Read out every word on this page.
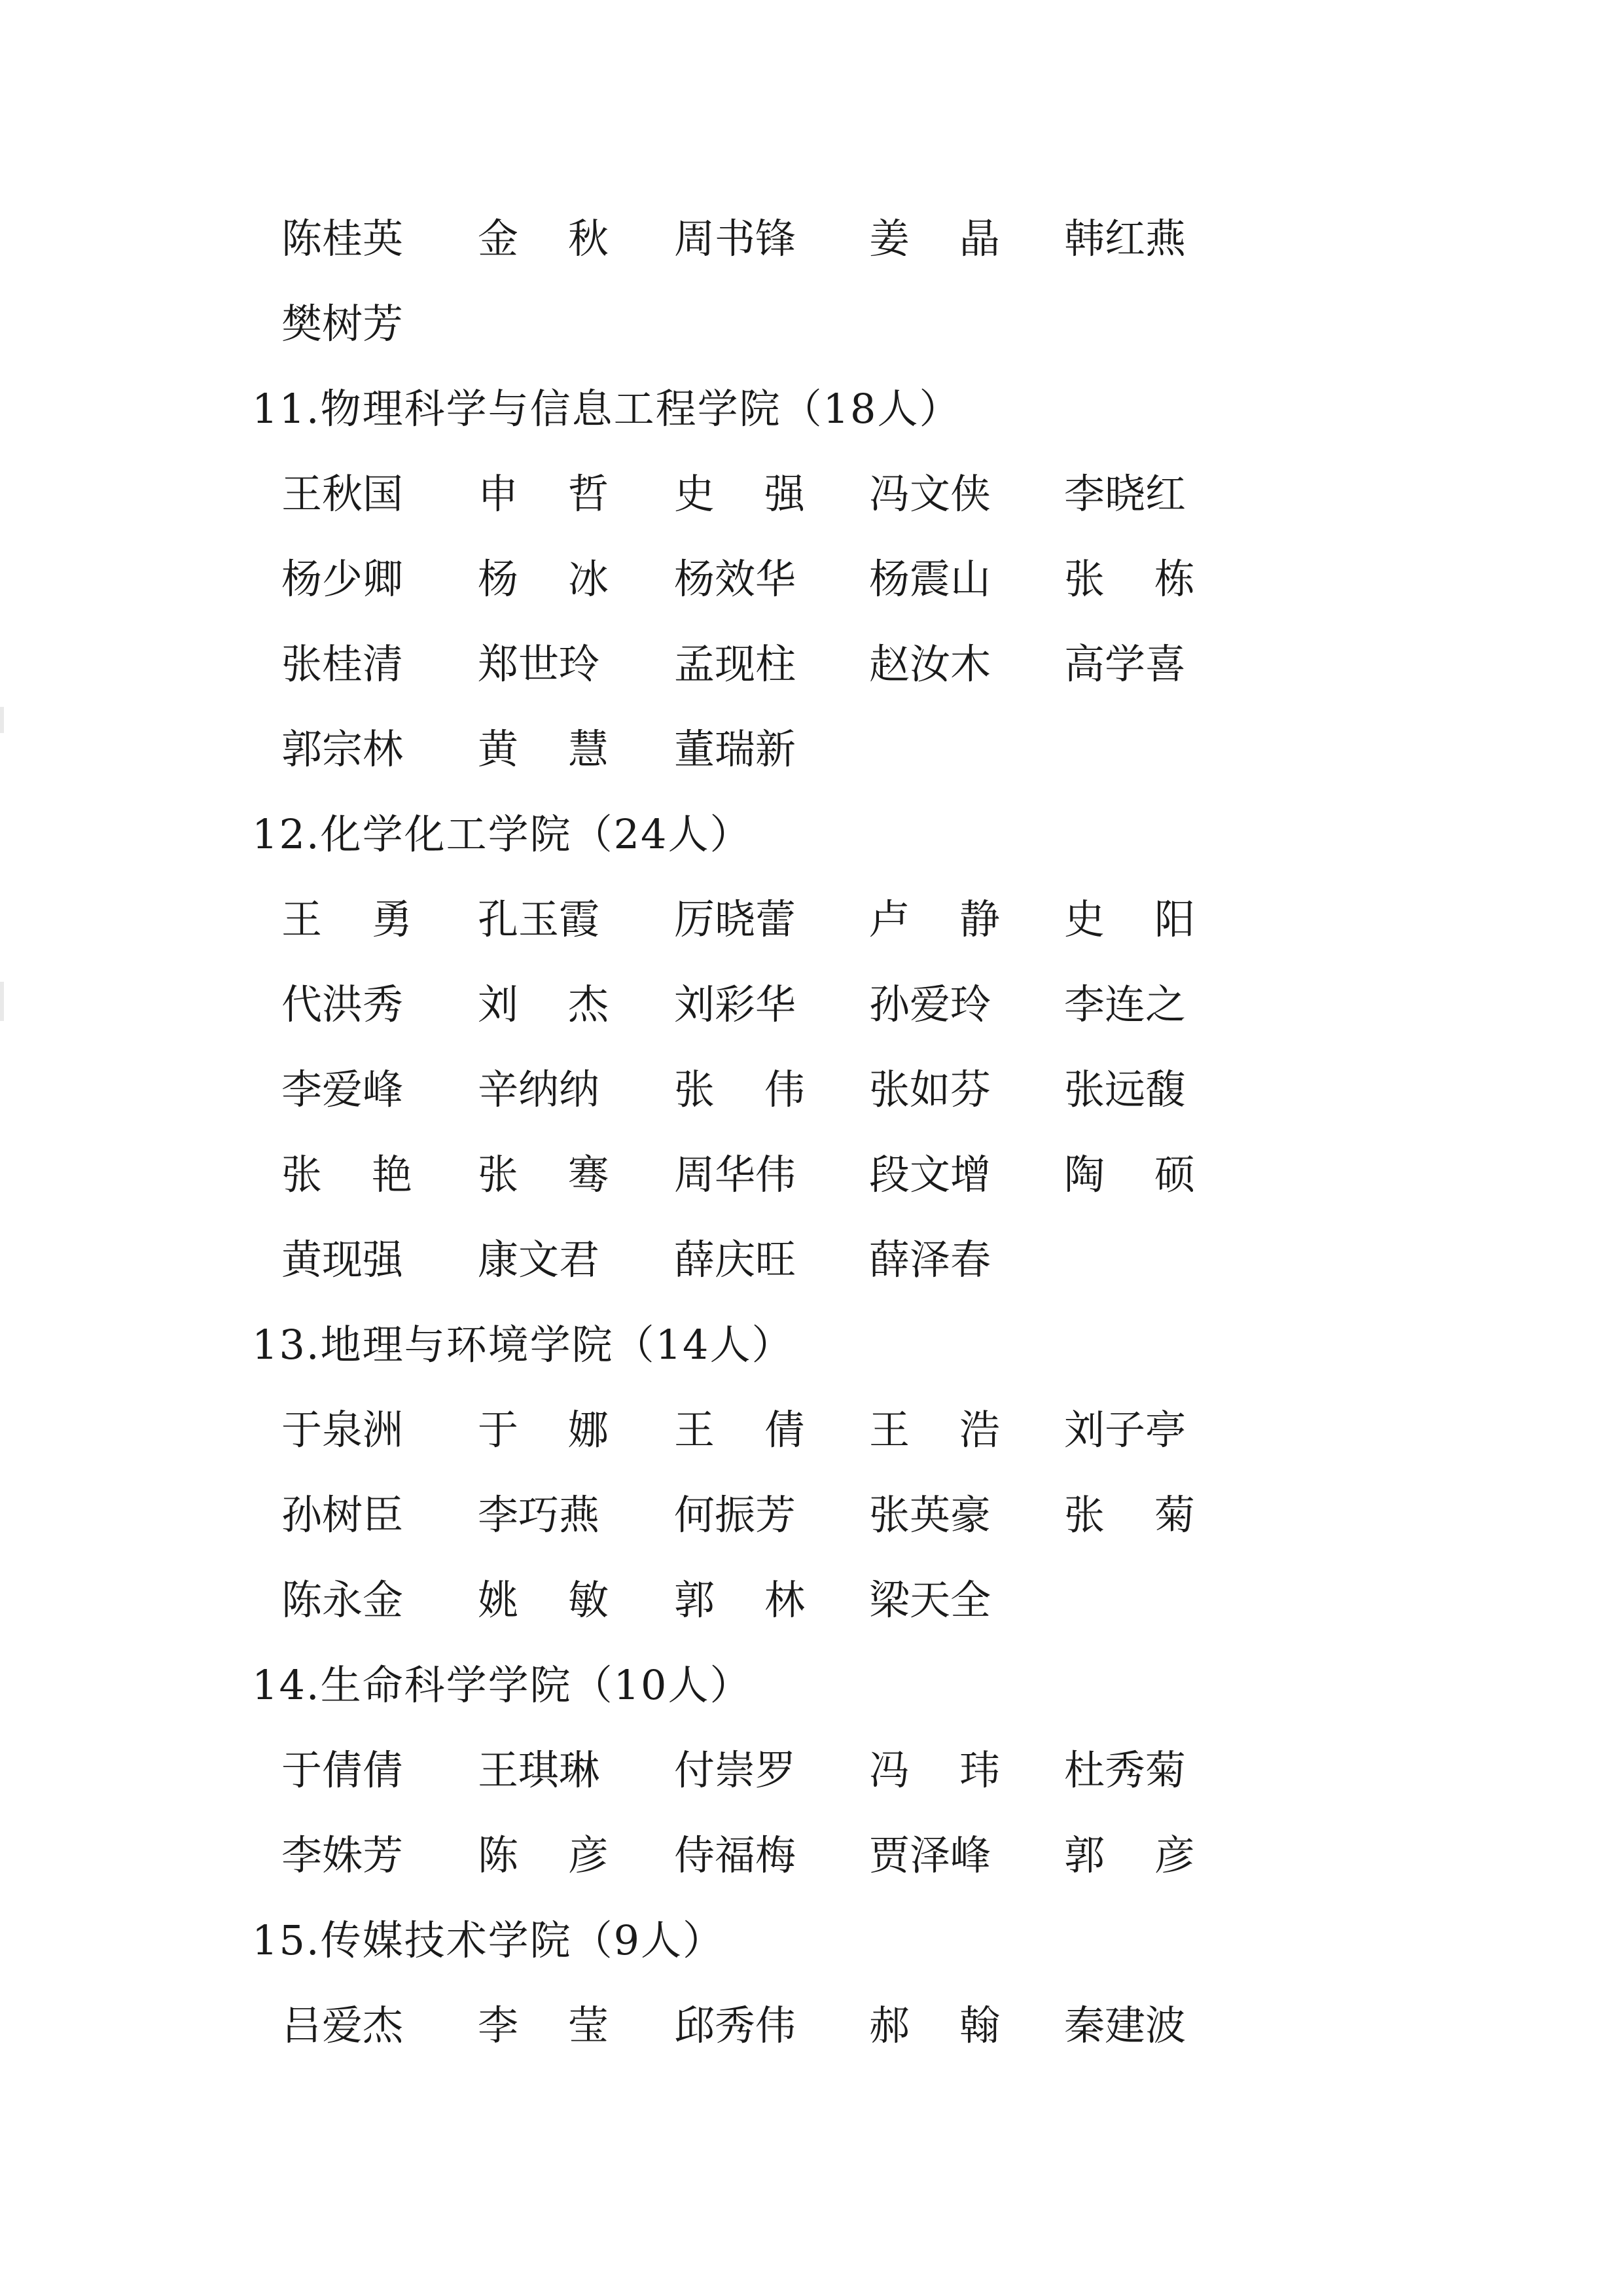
陈 桂 英 金 秋 周 书 锋 姜 晶 韩 红 燕
樊 树 芳
11.物理科学与信息工程学院（18人）
王 秋 国 申 哲 史 强 冯 文 侠 李 晓 红
杨 少 卿 杨 冰 杨 效 华 杨 震 山 张 栋
张 桂 清 郑 世 玲 孟 现 柱 赵 汝 木 高 学 喜
郭 宗 林 黄 慧 董 瑞 新
12.化学化工学院（24人）
王 勇 孔 玉 霞 厉 晓 蕾 卢 静 史 阳
代 洪 秀 刘 杰 刘 彩 华 孙 爱 玲 李 连 之
李 爱 峰 辛 纳 纳 张 伟 张 如 芬 张 远 馥
张 艳 张 骞 周 华 伟 段 文 增 陶 硕
黄 现 强 康 文 君 薛 庆 旺 薛 泽 春
13.地理与环境学院（14人）
于 泉 洲 于 娜 王 倩 王 浩 刘 子 亭
孙 树 臣 李 巧 燕 何 振 芳 张 英 豪 张 菊
陈 永 金 姚 敏 郭 林 梁 天 全
14.生命科学学院（10人）
于 倩 倩 王 琪 琳 付 崇 罗 冯 玮 杜 秀 菊
李 姝 芳 陈 彦 侍 福 梅 贾 泽 峰 郭 彦
15.传媒技术学院（9人）
吕 爱 杰 李 莹 邱 秀 伟 郝 翰 秦 建 波
